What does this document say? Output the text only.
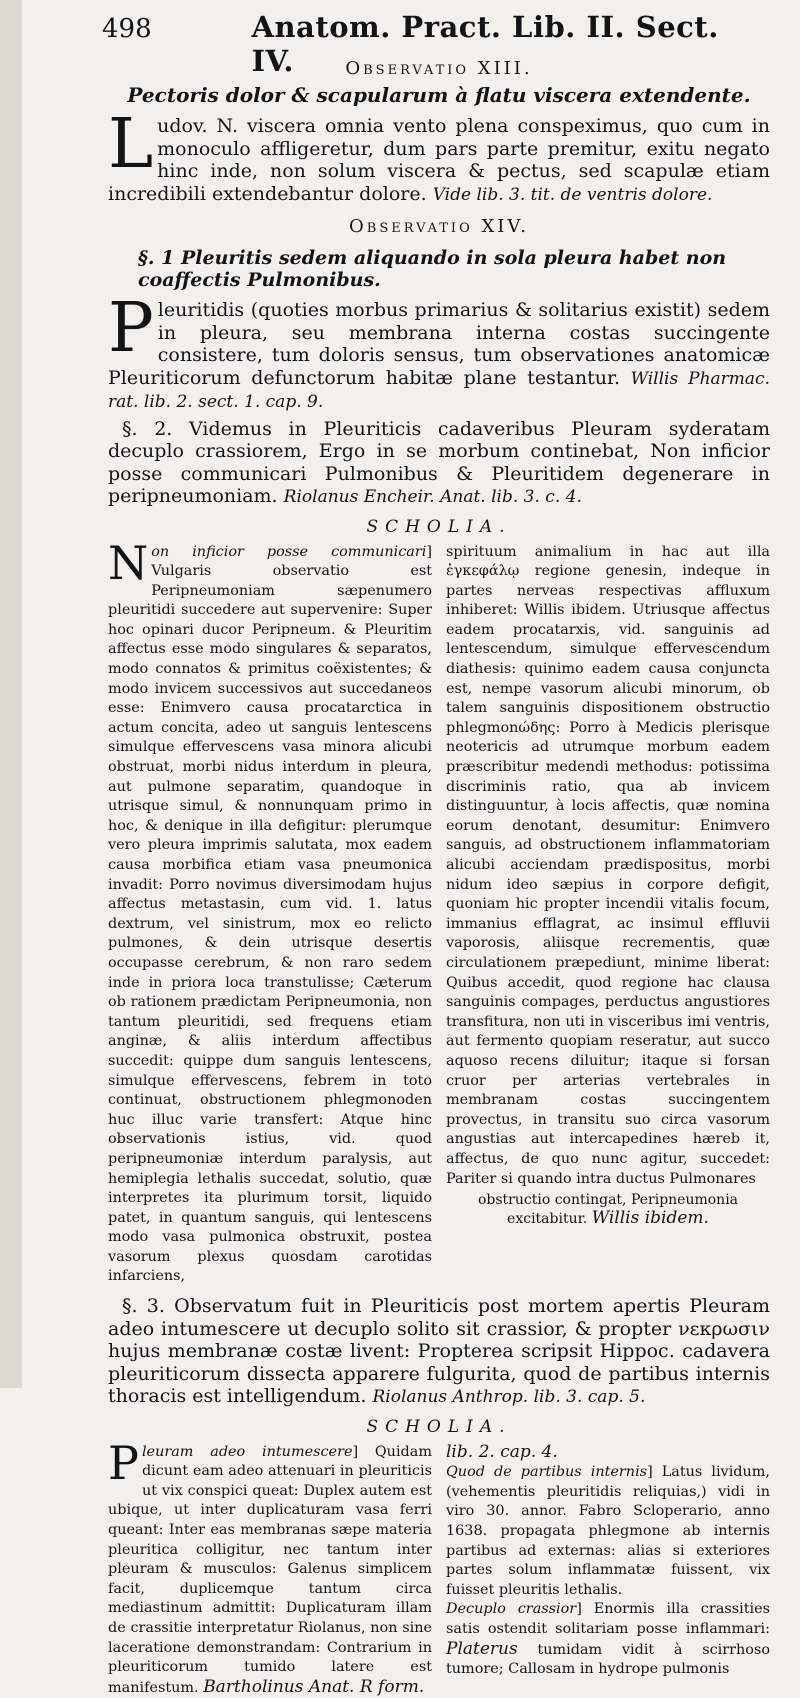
498	Anatom. Pract. Lib. II. Sect. IV.	Observatio XIII.
Pectoris dolor & scapularum à flatu viscera extendente.

Ludov. N. viscera omnia vento plena conspeximus, quo cum in monoculo affligeretur, dum pars parte premitur, exitu negato hinc inde, non solum viscera & pectus, sed scapulæ etiam incredibili extendebantur dolore. Vide lib. 3. tit. de ventris dolore.

Observatio XIV.
§. 1 Pleuritis sedem aliquando in sola pleura habet non coaffectis Pulmonibus.

Pleuritidis (quoties morbus primarius & solitarius existit) sedem in pleura, seu membrana interna costas succingente consistere, tum doloris sensus, tum observationes anatomicæ Pleuriticorum defunctorum habitæ plane testantur. Willis Pharmac. rat. lib. 2. sect. 1. cap. 9.

§. 2. Videmus in Pleuriticis cadaveribus Pleuram syderatam decuplo crassiorem, Ergo in se morbum continebat, Non inficior posse communicari Pulmonibus & Pleuritidem degenerare in peripneumoniam. Riolanus Encheir. Anat. lib. 3. c. 4.

SCHOLIA.

Non inficior posse communicari] Vulgaris observatio est Peripneumoniam sæpenumero pleuritidi succedere aut supervenire: Super hoc opinari ducor Peripneum. & Pleuritim affectus esse modo singulares & separatos, modo connatos & primitus coëxistentes; & modo invicem successivos aut succedaneos esse: Enimvero causa procatarctica in actum concita, adeo ut sanguis lentescens simulque effervescens vasa minora alicubi obstruat, morbi nidus interdum in pleura, aut pulmone separatim, quandoque in utrisque simul, & nonnunquam primo in hoc, & denique in illa defigitur: plerumque vero pleura imprimis salutata, mox eadem causa morbifica etiam vasa pneumonica invadit: Porro novimus diversimodam hujus affectus metastasin, cum vid. 1. latus dextrum, vel sinistrum, mox eo relicto pulmones, & dein utrisque desertis occupasse cerebrum, & non raro sedem inde in priora loca transtulisse; Cæterum ob rationem prædictam Peripneumonia, non tantum pleuritidi, sed frequens etiam anginæ, & aliis interdum affectibus succedit: quippe dum sanguis lentescens, simulque effervescens, febrem in toto continuat, obstructionem phlegmonoden huc illuc varie transfert: Atque hinc observationis istius, vid. quod peripneumoniæ interdum paralysis, aut hemiplegia lethalis succedat, solutio, quæ interpretes ita plurimum torsit, liquido patet, in quantum sanguis, qui lentescens modo vasa pulmonica obstruxit, postea vasorum plexus quosdam carotidas infarciens,

spirituum animalium in hac aut illa ἐγκεφάλῳ regione genesin, indeque in partes nerveas respectivas affluxum inhiberet: Willis ibidem. Utriusque affectus eadem procatarxis, vid. sanguinis ad lentescendum, simulque effervescendum diathesis: quinimo eadem causa conjuncta est, nempe vasorum alicubi minorum, ob talem sanguinis dispositionem obstructio phlegmonώδης: Porro à Medicis plerisque neotericis ad utrumque morbum eadem præscribitur medendi methodus: potissima discriminis ratio, qua ab invicem distinguuntur, à locis affectis, quæ nomina eorum denotant, desumitur: Enimvero sanguis, ad obstructionem inflammatoriam alicubi acciendam prædispositus, morbi nidum ideo sæpius in corpore defigit, quoniam hic propter incendii vitalis focum, immanius efflagrat, ac insimul effluvii vaporosis, aliisque recrementis, quæ circulationem præpediunt, minime liberat: Quibus accedit, quod regione hac clausa sanguinis compages, perductus angustiores transfitura, non uti in visceribus imi ventris, aut fermento quopiam reseratur, aut succo aquoso recens diluitur; itaque si forsan cruor per arterias vertebrales in membranam costas succingentem provectus, in transitu suo circa vasorum angustias aut intercapedines hæreb it, affectus, de quo nunc agitur, succedet: Pariter si quando intra ductus Pulmonares

obstructio contingat, Peripneumonia excitabitur. Willis ibidem.

§. 3. Observatum fuit in Pleuriticis post mortem apertis Pleuram adeo intumescere ut decuplo solito sit crassior, & propter νεκρωσιν hujus membranæ costæ livent: Propterea scripsit Hippoc. cadavera pleuriticorum dissecta apparere fulgurita, quod de partibus internis thoracis est intelligendum. Riolanus Anthrop. lib. 3. cap. 5.

SCHOLIA.

Pleuram adeo intumescere] Quidam dicunt eam adeo attenuari in pleuriticis ut vix conspici queat: Duplex autem est ubique, ut inter duplicaturam vasa ferri queant: Inter eas membranas sæpe materia pleuritica colligitur, nec tantum inter pleuram & musculos: Galenus simplicem facit, duplicemque tantum circa mediastinum admittit: Duplicaturam illam de crassitie interpretatur Riolanus, non sine laceratione demonstrandam: Contrarium in pleuriticorum tumido latere est manifestum. Bartholinus Anat. R form.

lib. 2. cap. 4.
Quod de partibus internis] Latus lividum, (vehementis pleuritidis reliquias,) vidi in viro 30. annor. Fabro Scloperario, anno 1638. propagata phlegmone ab internis partibus ad externas: alias si exteriores partes solum inflammatæ fuissent, vix fuisset pleuritis lethalis.
Decuplo crassior] Enormis illa crassities satis ostendit solitariam posse inflammari: Platerus tumidam vidit à scirrhoso tumore; Callosam in hydrope pulmonis
